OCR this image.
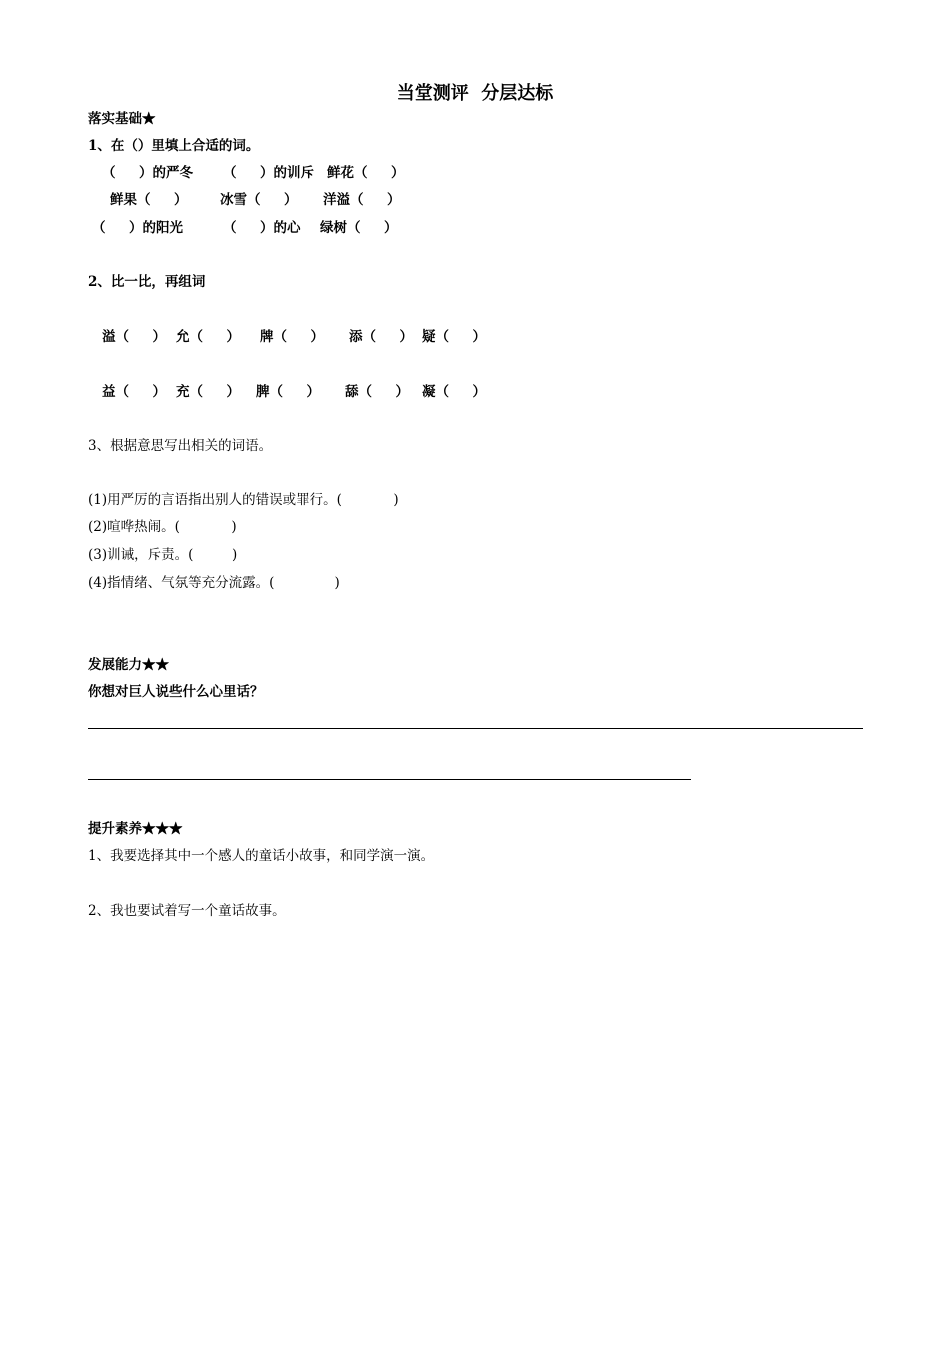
当堂测评  分层达标
落实基础★
1、在（）里填上合适的词。
（     ）的严冬 （     ）的训斥 鲜花（     ）
鲜果（     ） 冰雪（     ） 洋溢（     ）
（     ）的阳光	（     ）的心 绿树（     ）
2、比一比，再组词
溢（     ） 允（     ） 牌（     ） 添（     ） 疑（     ）
益（     ） 充（     ） 脾（     ） 舔（     ） 凝（     ）
3、根据意思写出相关的词语。
(1)用严厉的言语指出别人的错误或罪行。(            )
(2)喧哗热闹。(            )
(3)训诫，斥责。(         )
(4)指情绪、气氛等充分流露。(              )
发展能力★★
你想对巨人说些什么心里话？
提升素养★★★
1、我要选择其中一个感人的童话小故事，和同学演一演。
2、我也要试着写一个童话故事。
